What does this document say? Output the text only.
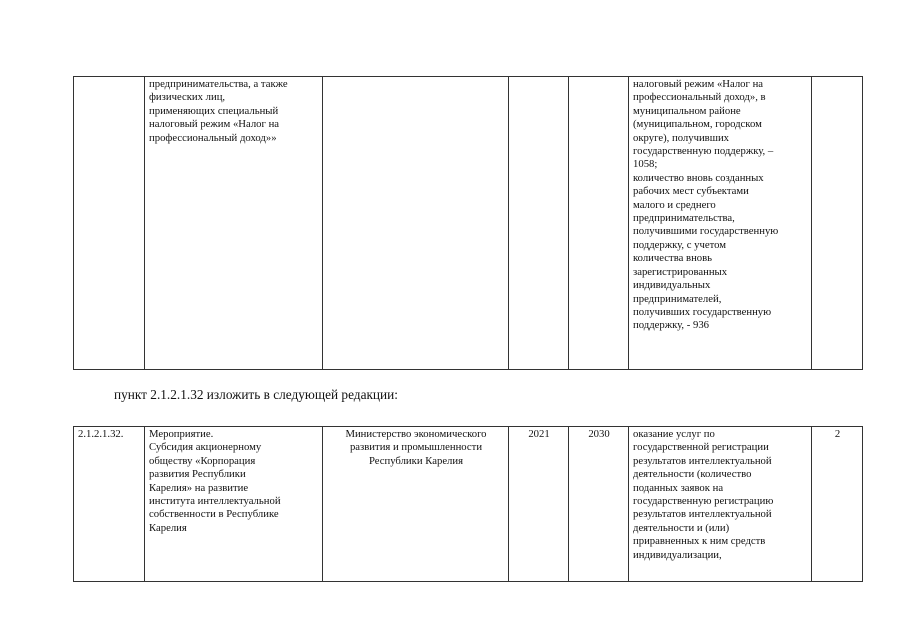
	предпринимательства, а также
физических лиц,
применяющих специальный
налоговый режим «Налог на
профессиональный доход»»				налоговый режим «Налог на
профессиональный доход», в
муниципальном районе
(муниципальном, городском
округе), получивших
государственную поддержку, –
1058;
количество вновь созданных
рабочих мест субъектами
малого и среднего
предпринимательства,
получившими государственную
поддержку, с учетом
количества вновь
зарегистрированных
индивидуальных
предпринимателей,
получивших государственную
поддержку, - 936	
пункт 2.1.2.1.32 изложить в следующей редакции:
2.1.2.1.32.	Мероприятие.
Субсидия акционерному
обществу «Корпорация
развития Республики
Карелия» на развитие
института интеллектуальной
собственности в Республике
Карелия	Министерство экономического
развития и промышленности
Республики Карелия	2021	2030	оказание услуг по
государственной регистрации
результатов интеллектуальной
деятельности (количество
поданных заявок на
государственную регистрацию
результатов интеллектуальной
деятельности и (или)
приравненных к ним средств
индивидуализации,	2
